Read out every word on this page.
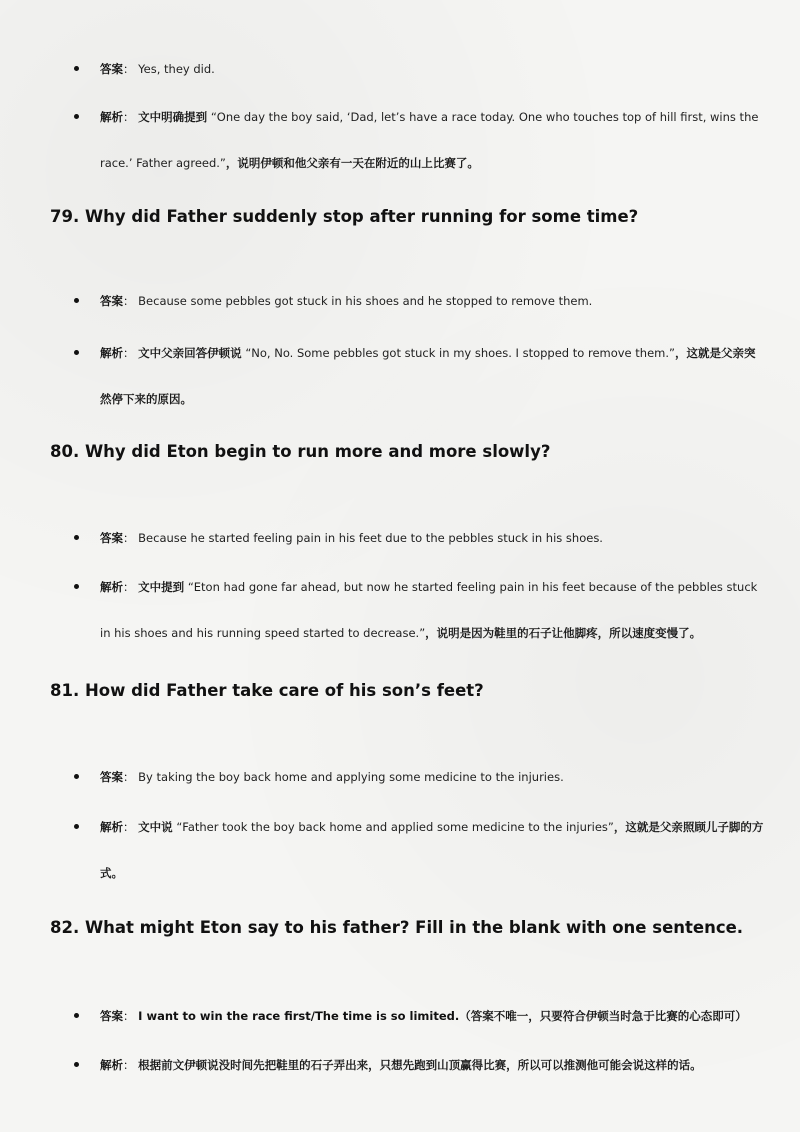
答案： Yes, they did.
解析： 文中明确提到 “One day the boy said, ‘Dad, let’s have a race today. One who touches top of hill first, wins the race.’ Father agreed.”，说明伊顿和他父亲有一天在附近的山上比赛了。
79. Why did Father suddenly stop after running for some time?
答案： Because some pebbles got stuck in his shoes and he stopped to remove them.
解析： 文中父亲回答伊顿说 “No, No. Some pebbles got stuck in my shoes. I stopped to remove them.”，这就是父亲突然停下来的原因。
80. Why did Eton begin to run more and more slowly?
答案： Because he started feeling pain in his feet due to the pebbles stuck in his shoes.
解析： 文中提到 “Eton had gone far ahead, but now he started feeling pain in his feet because of the pebbles stuck in his shoes and his running speed started to decrease.”，说明是因为鞋里的石子让他脚疼，所以速度变慢了。
81. How did Father take care of his son’s feet?
答案： By taking the boy back home and applying some medicine to the injuries.
解析： 文中说 “Father took the boy back home and applied some medicine to the injuries”，这就是父亲照顾儿子脚的方式。
82. What might Eton say to his father? Fill in the blank with one sentence.
答案： I want to win the race first/The time is so limited.（答案不唯一，只要符合伊顿当时急于比赛的心态即可）
解析： 根据前文伊顿说没时间先把鞋里的石子弄出来，只想先跑到山顶赢得比赛，所以可以推测他可能会说这样的话。
